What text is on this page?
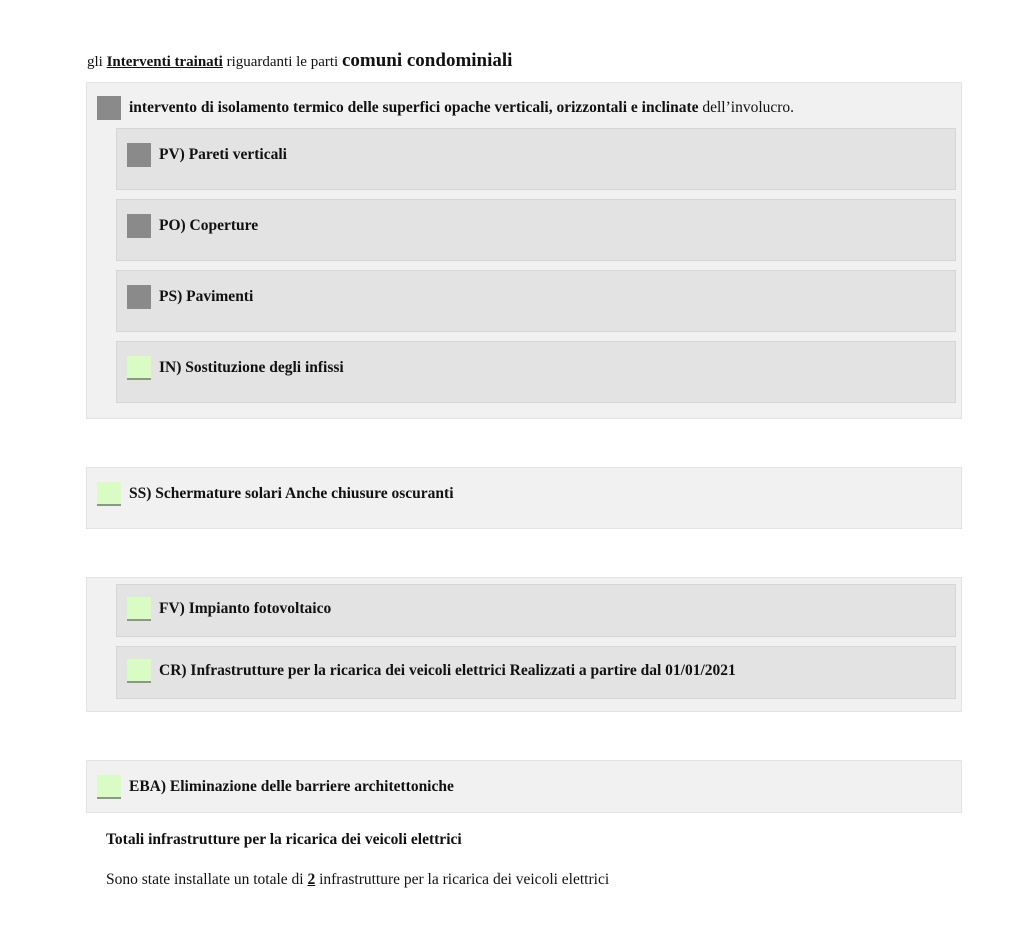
gli Interventi trainati riguardanti le parti comuni condominiali
intervento di isolamento termico delle superfici opache verticali, orizzontali e inclinate dell’involucro.
PV) Pareti verticali
PO) Coperture
PS) Pavimenti
IN) Sostituzione degli infissi
SS) Schermature solari Anche chiusure oscuranti
FV) Impianto fotovoltaico
CR) Infrastrutture per la ricarica dei veicoli elettrici Realizzati a partire dal 01/01/2021
EBA) Eliminazione delle barriere architettoniche
Totali infrastrutture per la ricarica dei veicoli elettrici
Sono state installate un totale di 2 infrastrutture per la ricarica dei veicoli elettrici
